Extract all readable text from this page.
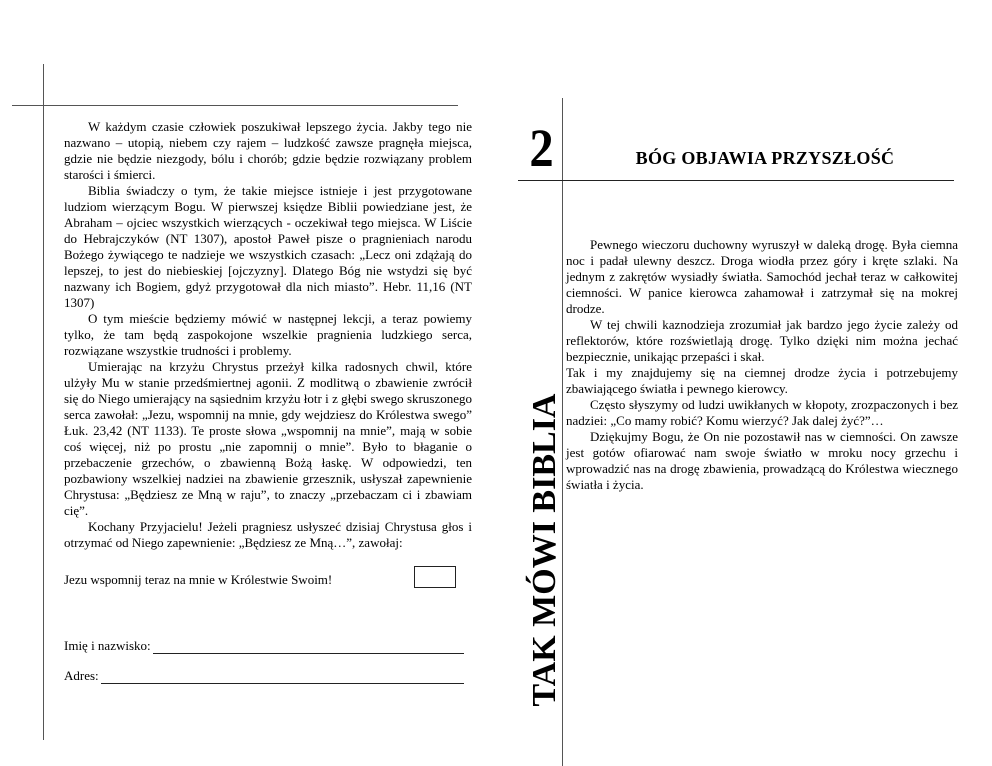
W każdym czasie człowiek poszukiwał lepszego życia. Jakby tego nie nazwano – utopią, niebem czy rajem – ludzkość zawsze pragnęła miejsca, gdzie nie będzie niezgody, bólu i chorób; gdzie będzie rozwiązany problem starości i śmierci.

Biblia świadczy o tym, że takie miejsce istnieje i jest przygotowane ludziom wierzącym Bogu. W pierwszej księdze Biblii powiedziane jest, że Abraham – ojciec wszystkich wierzących - oczekiwał tego miejsca. W Liście do Hebrajczyków (NT 1307), apostoł Paweł pisze o pragnieniach narodu Bożego żywiącego te nadzieje we wszystkich czasach: „Lecz oni zdążają do lepszej, to jest do niebieskiej [ojczyzny]. Dlatego Bóg nie wstydzi się być nazwany ich Bogiem, gdyż przygotował dla nich miasto”. Hebr. 11,16 (NT 1307)

O tym mieście będziemy mówić w następnej lekcji, a teraz powiemy tylko, że tam będą zaspokojone wszelkie pragnienia ludzkiego serca, rozwiązane wszystkie trudności i problemy.

Umierając na krzyżu Chrystus przeżył kilka radosnych chwil, które ulżyły Mu w stanie przedśmiertnej agonii. Z modlitwą o zbawienie zwrócił się do Niego umierający na sąsiednim krzyżu łotr i z głębi swego skruszonego serca zawołał: „Jezu, wspomnij na mnie, gdy wejdziesz do Królestwa swego” Łuk. 23,42 (NT 1133). Te proste słowa „wspomnij na mnie”, mają w sobie coś więcej, niż po prostu „nie zapomnij o mnie”. Było to błaganie o przebaczenie grzechów, o zbawienną Bożą łaskę. W odpowiedzi, ten pozbawiony wszelkiej nadziei na zbawienie grzesznik, usłyszał zapewnienie Chrystusa: „Będziesz ze Mną w raju”, to znaczy „przebaczam ci i zbawiam cię”.

Kochany Przyjacielu! Jeżeli pragniesz usłyszeć dzisiaj Chrystusa głos i otrzymać od Niego zapewnienie: „Będziesz ze Mną…”, zawołaj:

Jezu wspomnij teraz na mnie w Królestwie Swoim!
Imię i nazwisko:
Adres:
2	BÓG OBJAWIA PRZYSZŁOŚĆ
TAK MÓWI BIBLIA

Pewnego wieczoru duchowny wyruszył w daleką drogę. Była ciemna noc i padał ulewny deszcz. Droga wiodła przez góry i kręte szlaki. Na jednym z zakrętów wysiadły światła. Samochód jechał teraz w całkowitej ciemności. W panice kierowca zahamował i zatrzymał się na mokrej drodze.

W tej chwili kaznodzieja zrozumiał jak bardzo jego życie zależy od reflektorów, które rozświetlają drogę. Tylko dzięki nim można jechać bezpiecznie, unikając przepaści i skał.

Tak i my znajdujemy się na ciemnej drodze życia i potrzebujemy zbawiającego światła i pewnego kierowcy.

Często słyszymy od ludzi uwikłanych w kłopoty, zrozpaczonych i bez nadziei: „Co mamy robić? Komu wierzyć? Jak dalej żyć?”…

Dziękujmy Bogu, że On nie pozostawił nas w ciemności. On zawsze jest gotów ofiarować nam swoje światło w mroku nocy grzechu i wprowadzić nas na drogę zbawienia, prowadzącą do Królestwa wiecznego światła i życia.
